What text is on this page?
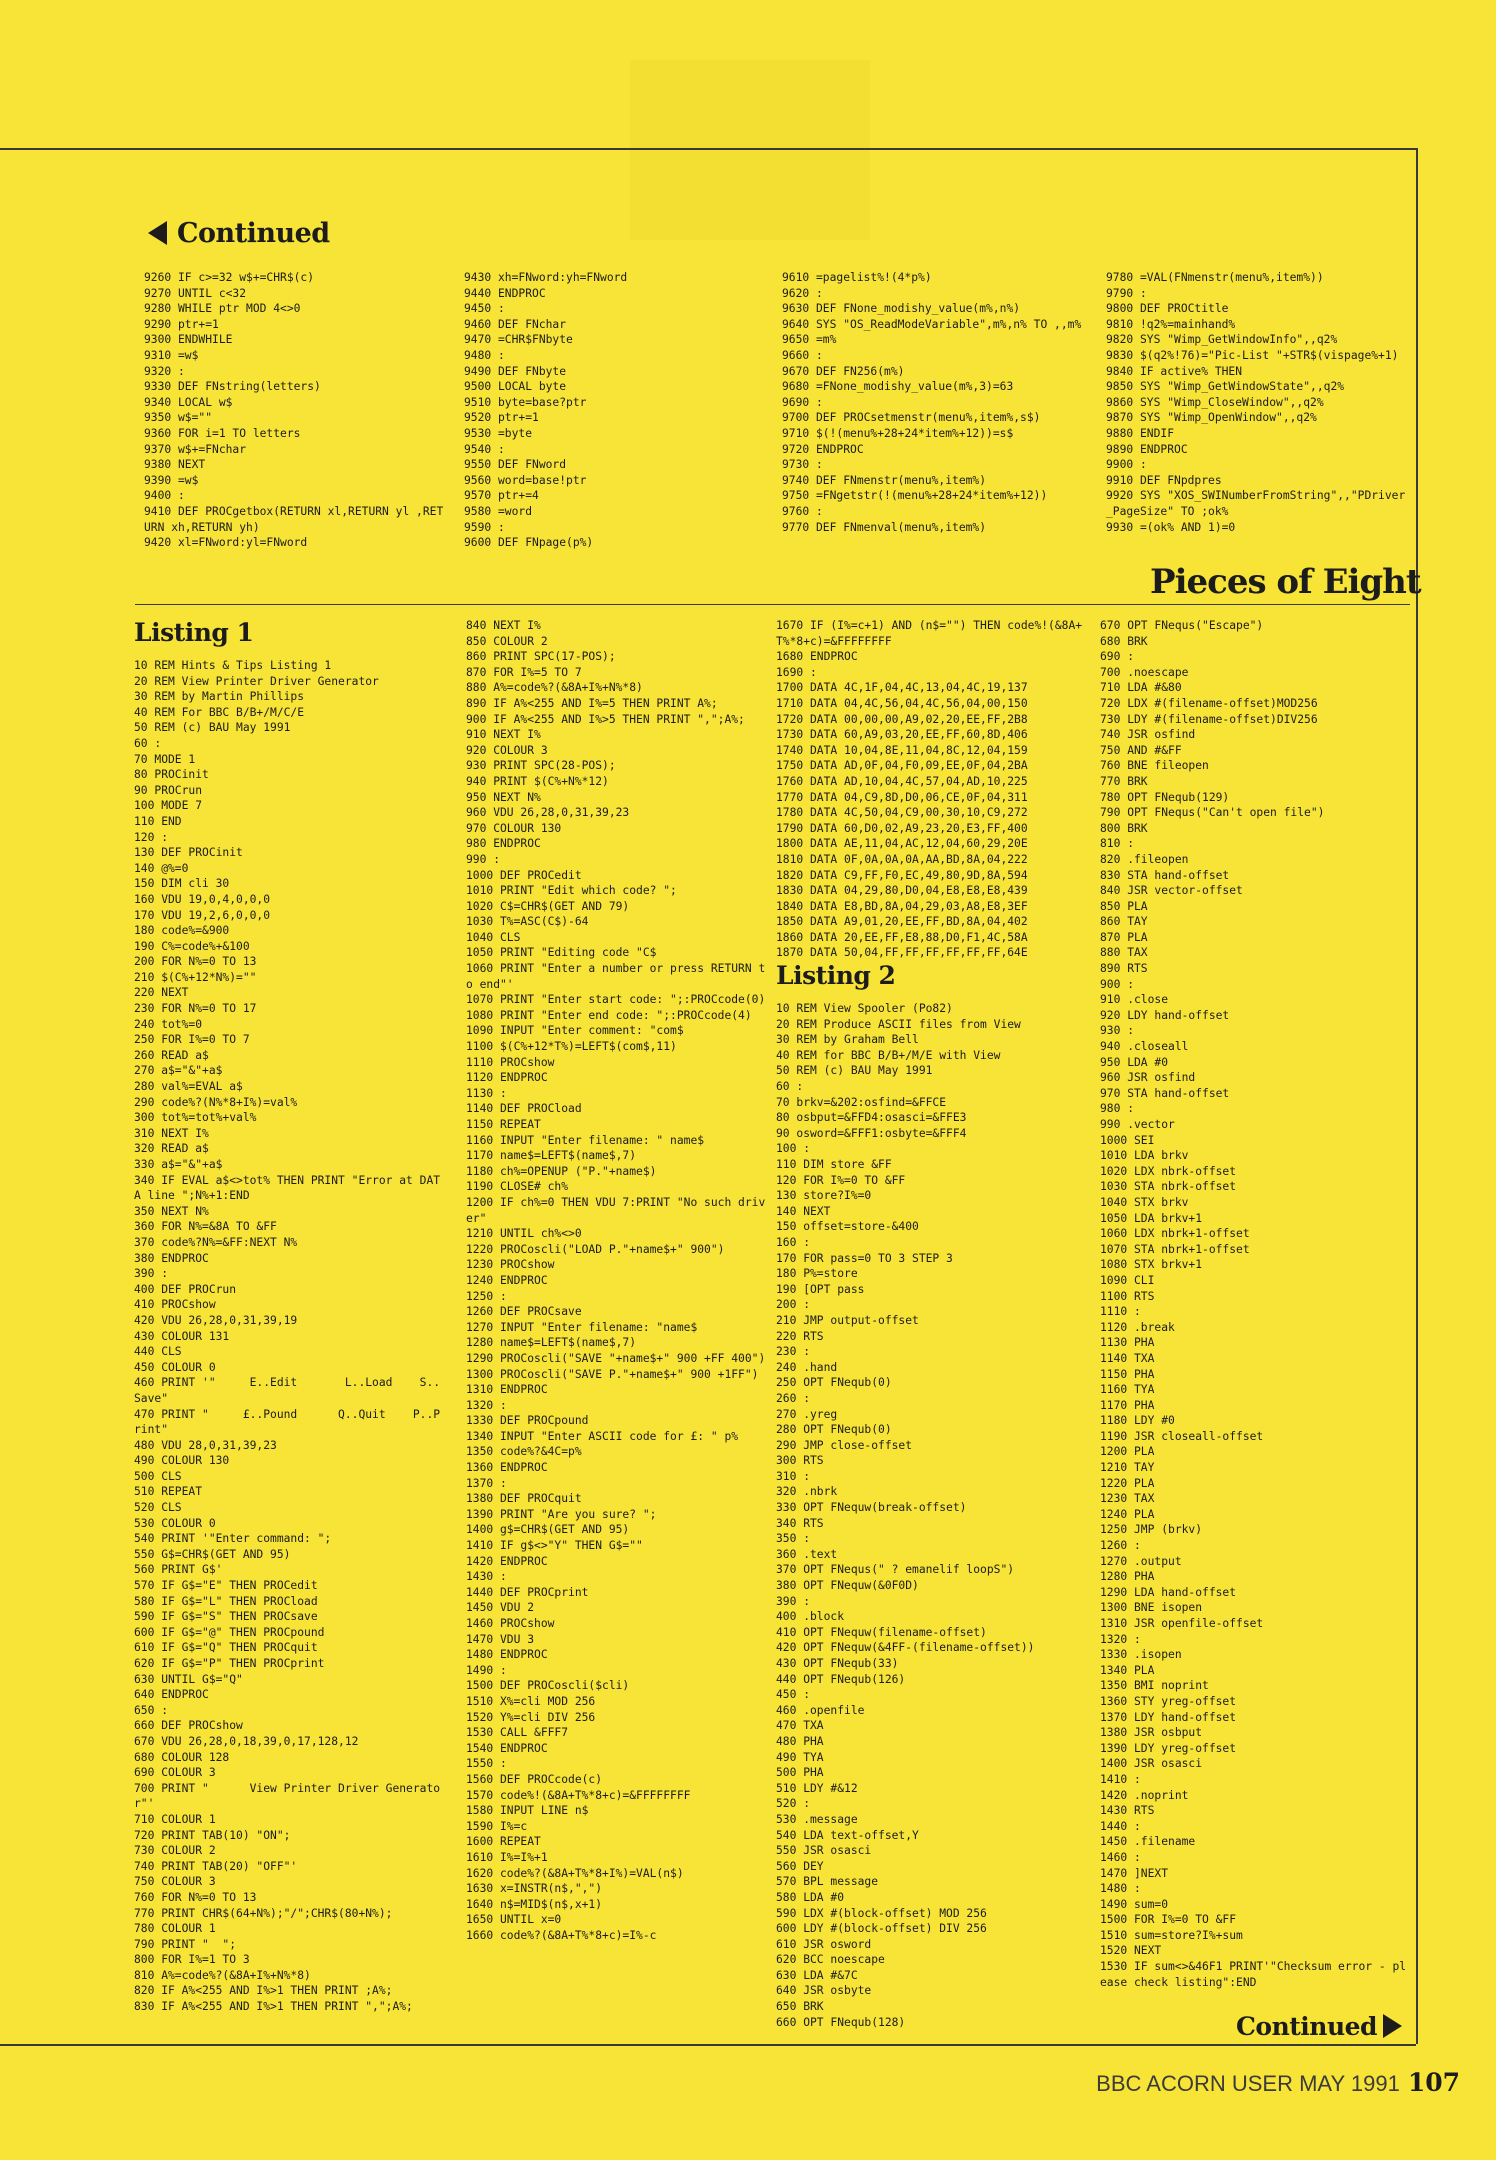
Continued
9260 IF c>=32 w$+=CHR$(c)
9270 UNTIL c<32
9280 WHILE ptr MOD 4<>0
9290 ptr+=1
9300 ENDWHILE
9310 =w$
9320 :
9330 DEF FNstring(letters)
9340 LOCAL w$
9350 w$=""
9360 FOR i=1 TO letters
9370 w$+=FNchar
9380 NEXT
9390 =w$
9400 :
9410 DEF PROCgetbox(RETURN xl,RETURN yl ,RETURN xh,RETURN yh)
9420 xl=FNword:yl=FNword
9430 xh=FNword:yh=FNword
9440 ENDPROC
9450 :
9460 DEF FNchar
9470 =CHR$FNbyte
9480 :
9490 DEF FNbyte
9500 LOCAL byte
9510 byte=base?ptr
9520 ptr+=1
9530 =byte
9540 :
9550 DEF FNword
9560 word=base!ptr
9570 ptr+=4
9580 =word
9590 :
9600 DEF FNpage(p%)
9610 =pagelist%!(4*p%)
9620 :
9630 DEF FNone_modishy_value(m%,n%)
9640 SYS "OS_ReadModeVariable",m%,n% TO ,,m%
9650 =m%
9660 :
9670 DEF FN256(m%)
9680 =FNone_modishy_value(m%,3)=63
9690 :
9700 DEF PROCsetmenstr(menu%,item%,s$)
9710 $(!(menu%+28+24*item%+12))=s$
9720 ENDPROC
9730 :
9740 DEF FNmenstr(menu%,item%)
9750 =FNgetstr(!(menu%+28+24*item%+12))
9760 :
9770 DEF FNmenval(menu%,item%)
9780 =VAL(FNmenstr(menu%,item%))
9790 :
9800 DEF PROCtitle
9810 !q2%=mainhand%
9820 SYS "Wimp_GetWindowInfo",,q2%
9830 $(q2%!76)="Pic-List "+STR$(vispage%+1)
9840 IF active% THEN
9850 SYS "Wimp_GetWindowState",,q2%
9860 SYS "Wimp_CloseWindow",,q2%
9870 SYS "Wimp_OpenWindow",,q2%
9880 ENDIF
9890 ENDPROC
9900 :
9910 DEF FNpdpres
9920 SYS "XOS_SWINumberFromString",,"PDriver_PageSize" TO ;ok%
9930 =(ok% AND 1)=0
Pieces of Eight
Listing 1
10 REM Hints & Tips Listing 1
20 REM View Printer Driver Generator
30 REM by Martin Phillips
40 REM For BBC B/B+/M/C/E
50 REM (c) BAU May 1991
60 :
70 MODE 1
80 PROCinit
90 PROCrun
100 MODE 7
110 END
120 :
130 DEF PROCinit
140 @%=0
150 DIM cli 30
160 VDU 19,0,4,0,0,0
170 VDU 19,2,6,0,0,0
180 code%=&900
190 C%=code%+&100
200 FOR N%=0 TO 13
210 $(C%+12*N%)=""
220 NEXT
230 FOR N%=0 TO 17
240 tot%=0
250 FOR I%=0 TO 7
260 READ a$
270 a$="&"+a$
280 val%=EVAL a$
290 code%?(N%*8+I%)=val%
300 tot%=tot%+val%
310 NEXT I%
320 READ a$
330 a$="&"+a$
340 IF EVAL a$<>tot% THEN PRINT "Error at DATA line ";N%+1:END
350 NEXT N%
360 FOR N%=&8A TO &FF
370 code%?N%=&FF:NEXT N%
380 ENDPROC
390 :
400 DEF PROCrun
410 PROCshow
420 VDU 26,28,0,31,39,19
430 COLOUR 131
440 CLS
450 COLOUR 0
460 PRINT '"     E..Edit       L..Load    S..Save"
470 PRINT "     £..Pound      Q..Quit    P..Print"
480 VDU 28,0,31,39,23
490 COLOUR 130
500 CLS
510 REPEAT
520 CLS
530 COLOUR 0
540 PRINT '"Enter command: ";
550 G$=CHR$(GET AND 95)
560 PRINT G$'
570 IF G$="E" THEN PROCedit
580 IF G$="L" THEN PROCload
590 IF G$="S" THEN PROCsave
600 IF G$="@" THEN PROCpound
610 IF G$="Q" THEN PROCquit
620 IF G$="P" THEN PROCprint
630 UNTIL G$="Q"
640 ENDPROC
650 :
660 DEF PROCshow
670 VDU 26,28,0,18,39,0,17,128,12
680 COLOUR 128
690 COLOUR 3
700 PRINT "      View Printer Driver Generator"'
710 COLOUR 1
720 PRINT TAB(10) "ON";
730 COLOUR 2
740 PRINT TAB(20) "OFF"'
750 COLOUR 3
760 FOR N%=0 TO 13
770 PRINT CHR$(64+N%);"/";CHR$(80+N%);
780 COLOUR 1
790 PRINT "  ";
800 FOR I%=1 TO 3
810 A%=code%?(&8A+I%+N%*8)
820 IF A%<255 AND I%>1 THEN PRINT ;A%;
830 IF A%<255 AND I%>1 THEN PRINT ",";A%;
840 NEXT I%
850 COLOUR 2
860 PRINT SPC(17-POS);
870 FOR I%=5 TO 7
880 A%=code%?(&8A+I%+N%*8)
890 IF A%<255 AND I%=5 THEN PRINT A%;
900 IF A%<255 AND I%>5 THEN PRINT ",";A%;
910 NEXT I%
920 COLOUR 3
930 PRINT SPC(28-POS);
940 PRINT $(C%+N%*12)
950 NEXT N%
960 VDU 26,28,0,31,39,23
970 COLOUR 130
980 ENDPROC
990 :
1000 DEF PROCedit
1010 PRINT "Edit which code? ";
1020 C$=CHR$(GET AND 79)
1030 T%=ASC(C$)-64
1040 CLS
1050 PRINT "Editing code "C$
1060 PRINT "Enter a number or press RETURN to end"'
1070 PRINT "Enter start code: ";:PROCcode(0)
1080 PRINT "Enter end code: ";:PROCcode(4)
1090 INPUT "Enter comment: "com$
1100 $(C%+12*T%)=LEFT$(com$,11)
1110 PROCshow
1120 ENDPROC
1130 :
1140 DEF PROCload
1150 REPEAT
1160 INPUT "Enter filename: " name$
1170 name$=LEFT$(name$,7)
1180 ch%=OPENUP ("P."+name$)
1190 CLOSE# ch%
1200 IF ch%=0 THEN VDU 7:PRINT "No such driver"
1210 UNTIL ch%<>0
1220 PROCoscli("LOAD P."+name$+" 900")
1230 PROCshow
1240 ENDPROC
1250 :
1260 DEF PROCsave
1270 INPUT "Enter filename: "name$
1280 name$=LEFT$(name$,7)
1290 PROCoscli("SAVE "+name$+" 900 +FF 400")
1300 PROCoscli("SAVE P."+name$+" 900 +1FF")
1310 ENDPROC
1320 :
1330 DEF PROCpound
1340 INPUT "Enter ASCII code for £: " p%
1350 code%?&4C=p%
1360 ENDPROC
1370 :
1380 DEF PROCquit
1390 PRINT "Are you sure? ";
1400 g$=CHR$(GET AND 95)
1410 IF g$<>"Y" THEN G$=""
1420 ENDPROC
1430 :
1440 DEF PROCprint
1450 VDU 2
1460 PROCshow
1470 VDU 3
1480 ENDPROC
1490 :
1500 DEF PROCoscli($cli)
1510 X%=cli MOD 256
1520 Y%=cli DIV 256
1530 CALL &FFF7
1540 ENDPROC
1550 :
1560 DEF PROCcode(c)
1570 code%!(&8A+T%*8+c)=&FFFFFFFF
1580 INPUT LINE n$
1590 I%=c
1600 REPEAT
1610 I%=I%+1
1620 code%?(&8A+T%*8+I%)=VAL(n$)
1630 x=INSTR(n$,",")
1640 n$=MID$(n$,x+1)
1650 UNTIL x=0
1660 code%?(&8A+T%*8+c)=I%-c
1670 IF (I%=c+1) AND (n$="") THEN code%!(&8A+T%*8+c)=&FFFFFFFF
1680 ENDPROC
1690 :
1700 DATA 4C,1F,04,4C,13,04,4C,19,137
1710 DATA 04,4C,56,04,4C,56,04,00,150
1720 DATA 00,00,00,A9,02,20,EE,FF,2B8
1730 DATA 60,A9,03,20,EE,FF,60,8D,406
1740 DATA 10,04,8E,11,04,8C,12,04,159
1750 DATA AD,0F,04,F0,09,EE,0F,04,2BA
1760 DATA AD,10,04,4C,57,04,AD,10,225
1770 DATA 04,C9,8D,D0,06,CE,0F,04,311
1780 DATA 4C,50,04,C9,00,30,10,C9,272
1790 DATA 60,D0,02,A9,23,20,E3,FF,400
1800 DATA AE,11,04,AC,12,04,60,29,20E
1810 DATA 0F,0A,0A,0A,AA,BD,8A,04,222
1820 DATA C9,FF,F0,EC,49,80,9D,8A,594
1830 DATA 04,29,80,D0,04,E8,E8,E8,439
1840 DATA E8,BD,8A,04,29,03,A8,E8,3EF
1850 DATA A9,01,20,EE,FF,BD,8A,04,402
1860 DATA 20,EE,FF,E8,88,D0,F1,4C,58A
1870 DATA 50,04,FF,FF,FF,FF,FF,FF,64E
Listing 2
10 REM View Spooler (Po82)
20 REM Produce ASCII files from View
30 REM by Graham Bell
40 REM for BBC B/B+/M/E with View
50 REM (c) BAU May 1991
60 :
70 brkv=&202:osfind=&FFCE
80 osbput=&FFD4:osasci=&FFE3
90 osword=&FFF1:osbyte=&FFF4
100 :
110 DIM store &FF
120 FOR I%=0 TO &FF
130 store?I%=0
140 NEXT
150 offset=store-&400
160 :
170 FOR pass=0 TO 3 STEP 3
180 P%=store
190 [OPT pass
200 :
210 JMP output-offset
220 RTS
230 :
240 .hand
250 OPT FNequb(0)
260 :
270 .yreg
280 OPT FNequb(0)
290 JMP close-offset
300 RTS
310 :
320 .nbrk
330 OPT FNequw(break-offset)
340 RTS
350 :
360 .text
370 OPT FNequs(" ? emanelif loopS")
380 OPT FNequw(&0F0D)
390 :
400 .block
410 OPT FNequw(filename-offset)
420 OPT FNequw(&4FF-(filename-offset))
430 OPT FNequb(33)
440 OPT FNequb(126)
450 :
460 .openfile
470 TXA
480 PHA
490 TYA
500 PHA
510 LDY #&12
520 :
530 .message
540 LDA text-offset,Y
550 JSR osasci
560 DEY
570 BPL message
580 LDA #0
590 LDX #(block-offset) MOD 256
600 LDY #(block-offset) DIV 256
610 JSR osword
620 BCC noescape
630 LDA #&7C
640 JSR osbyte
650 BRK
660 OPT FNequb(128)
670 OPT FNequs("Escape")
680 BRK
690 :
700 .noescape
710 LDA #&80
720 LDX #(filename-offset)MOD256
730 LDY #(filename-offset)DIV256
740 JSR osfind
750 AND #&FF
760 BNE fileopen
770 BRK
780 OPT FNequb(129)
790 OPT FNequs("Can't open file")
800 BRK
810 :
820 .fileopen
830 STA hand-offset
840 JSR vector-offset
850 PLA
860 TAY
870 PLA
880 TAX
890 RTS
900 :
910 .close
920 LDY hand-offset
930 :
940 .closeall
950 LDA #0
960 JSR osfind
970 STA hand-offset
980 :
990 .vector
1000 SEI
1010 LDA brkv
1020 LDX nbrk-offset
1030 STA nbrk-offset
1040 STX brkv
1050 LDA brkv+1
1060 LDX nbrk+1-offset
1070 STA nbrk+1-offset
1080 STX brkv+1
1090 CLI
1100 RTS
1110 :
1120 .break
1130 PHA
1140 TXA
1150 PHA
1160 TYA
1170 PHA
1180 LDY #0
1190 JSR closeall-offset
1200 PLA
1210 TAY
1220 PLA
1230 TAX
1240 PLA
1250 JMP (brkv)
1260 :
1270 .output
1280 PHA
1290 LDA hand-offset
1300 BNE isopen
1310 JSR openfile-offset
1320 :
1330 .isopen
1340 PLA
1350 BMI noprint
1360 STY yreg-offset
1370 LDY hand-offset
1380 JSR osbput
1390 LDY yreg-offset
1400 JSR osasci
1410 :
1420 .noprint
1430 RTS
1440 :
1450 .filename
1460 :
1470 ]NEXT
1480 :
1490 sum=0
1500 FOR I%=0 TO &FF
1510 sum=store?I%+sum
1520 NEXT
1530 IF sum<>&46F1 PRINT'"Checksum error - please check listing":END
Continued
BBC ACORN USER MAY 1991 107
